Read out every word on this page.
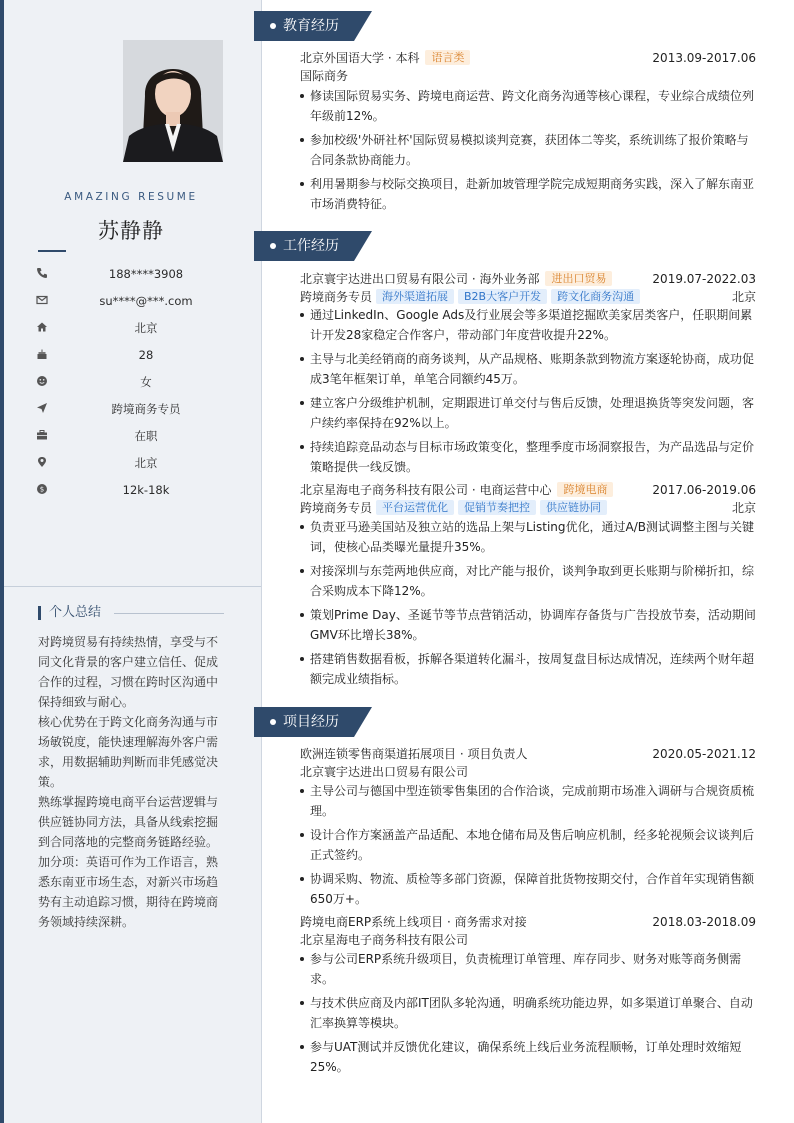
AMAZING RESUME
苏静静
188****3908
su****@***.com
北京
28
女
跨境商务专员
在职
北京
$	12k-18k
个人总结

对跨境贸易有持续热情，享受与不同文化背景的客户建立信任、促成合作的过程，习惯在跨时区沟通中保持细致与耐心。

核心优势在于跨文化商务沟通与市场敏锐度，能快速理解海外客户需求，用数据辅助判断而非凭感觉决策。

熟练掌握跨境电商平台运营逻辑与供应链协同方法，具备从线索挖掘到合同落地的完整商务链路经验。

加分项：英语可作为工作语言，熟悉东南亚市场生态，对新兴市场趋势有主动追踪习惯，期待在跨境商务领域持续深耕。

教育经历
北京外国语大学 · 本科 语言类	2013.09-2017.06
国际商务
修读国际贸易实务、跨境电商运营、跨文化商务沟通等核心课程，专业综合成绩位列年级前12%。
参加校级'外研社杯'国际贸易模拟谈判竞赛，获团体二等奖，系统训练了报价策略与合同条款协商能力。
利用暑期参与校际交换项目，赴新加坡管理学院完成短期商务实践，深入了解东南亚市场消费特征。
工作经历
北京寰宇达进出口贸易有限公司 · 海外业务部 进出口贸易	2019.07-2022.03
跨境商务专员 海外渠道拓展 B2B大客户开发 跨文化商务沟通	北京
通过LinkedIn、Google Ads及行业展会等多渠道挖掘欧美家居类客户，任职期间累计开发28家稳定合作客户，带动部门年度营收提升22%。
主导与北美经销商的商务谈判，从产品规格、账期条款到物流方案逐轮协商，成功促成3笔年框架订单，单笔合同额约45万。
建立客户分级维护机制，定期跟进订单交付与售后反馈，处理退换货等突发问题，客户续约率保持在92%以上。
持续追踪竞品动态与目标市场政策变化，整理季度市场洞察报告，为产品选品与定价策略提供一线反馈。
北京星海电子商务科技有限公司 · 电商运营中心 跨境电商	2017.06-2019.06
跨境商务专员 平台运营优化 促销节奏把控 供应链协同	北京
负责亚马逊美国站及独立站的选品上架与Listing优化，通过A/B测试调整主图与关键词，使核心品类曝光量提升35%。
对接深圳与东莞两地供应商，对比产能与报价，谈判争取到更长账期与阶梯折扣，综合采购成本下降12%。
策划Prime Day、圣诞节等节点营销活动，协调库存备货与广告投放节奏，活动期间GMV环比增长38%。
搭建销售数据看板，拆解各渠道转化漏斗，按周复盘目标达成情况，连续两个财年超额完成业绩指标。
项目经历
欧洲连锁零售商渠道拓展项目 · 项目负责人	2020.05-2021.12
北京寰宇达进出口贸易有限公司
主导公司与德国中型连锁零售集团的合作洽谈，完成前期市场准入调研与合规资质梳理。
设计合作方案涵盖产品适配、本地仓储布局及售后响应机制，经多轮视频会议谈判后正式签约。
协调采购、物流、质检等多部门资源，保障首批货物按期交付，合作首年实现销售额650万+。
跨境电商ERP系统上线项目 · 商务需求对接	2018.03-2018.09
北京星海电子商务科技有限公司
参与公司ERP系统升级项目，负责梳理订单管理、库存同步、财务对账等商务侧需求。
与技术供应商及内部IT团队多轮沟通，明确系统功能边界，如多渠道订单聚合、自动汇率换算等模块。
参与UAT测试并反馈优化建议，确保系统上线后业务流程顺畅，订单处理时效缩短25%。
